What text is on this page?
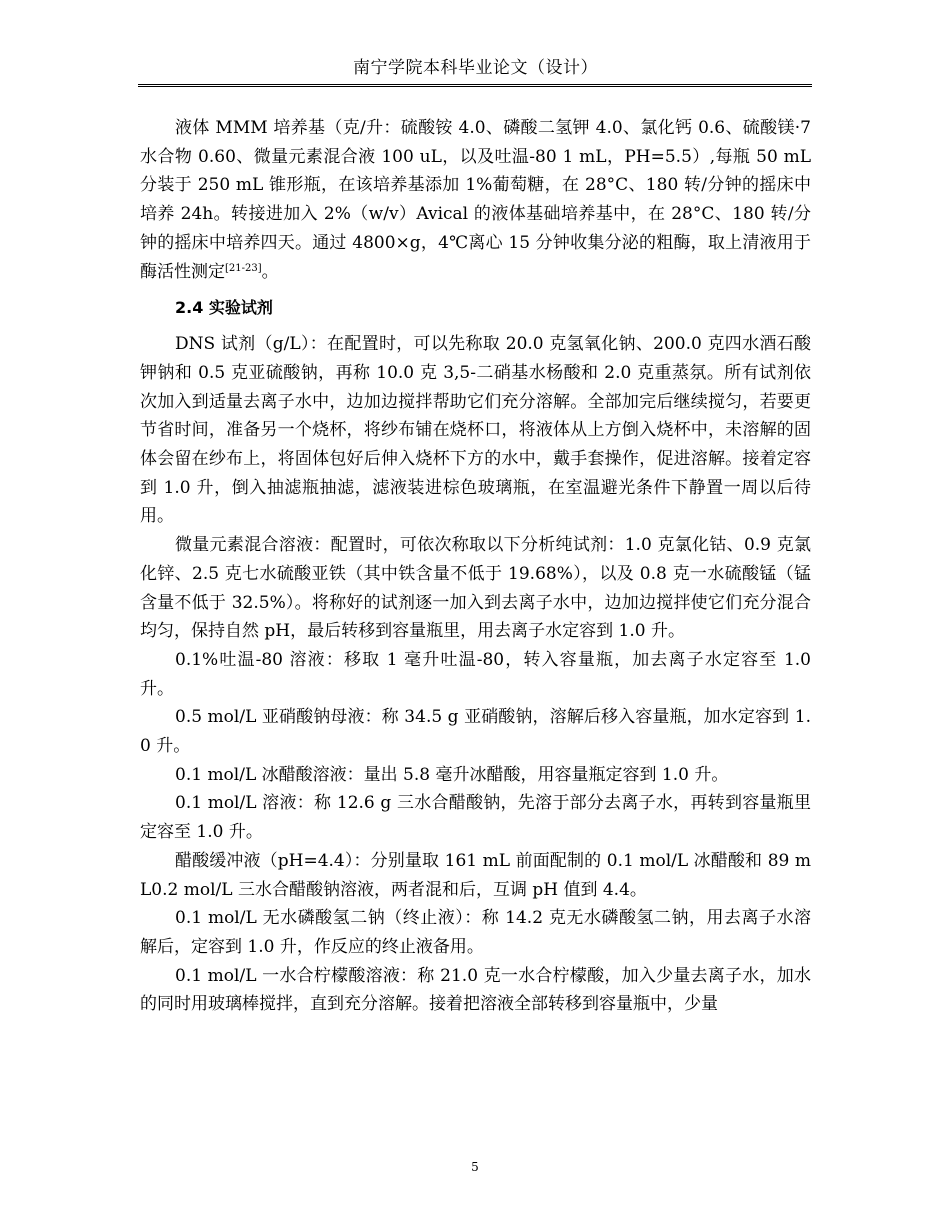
南宁学院本科毕业论文（设计）

液体 MMM 培养基（克/升：硫酸铵 4.0、磷酸二氢钾 4.0、氯化钙 0.6、硫酸镁·7水合物 0.60、微量元素混合液 100 uL，以及吐温-80 1 mL，PH=5.5）,每瓶 50 mL 分装于 250 mL 锥形瓶，在该培养基添加 1%葡萄糖，在 28°C、180 转/分钟的摇床中培养 24h。转接进加入 2%（w/v）Avical 的液体基础培养基中，在 28°C、180 转/分钟的摇床中培养四天。通过 4800×g，4℃离心 15 分钟收集分泌的粗酶，取上清液用于酶活性测定[21-23]。

2.4 实验试剂

DNS 试剂（g/L）：在配置时，可以先称取 20.0 克氢氧化钠、200.0 克四水酒石酸钾钠和 0.5 克亚硫酸钠，再称 10.0 克 3,5-二硝基水杨酸和 2.0 克重蒸氛。所有试剂依次加入到适量去离子水中，边加边搅拌帮助它们充分溶解。全部加完后继续搅匀，若要更节省时间，准备另一个烧杯，将纱布铺在烧杯口，将液体从上方倒入烧杯中，未溶解的固体会留在纱布上，将固体包好后伸入烧杯下方的水中，戴手套操作，促进溶解。接着定容到 1.0 升，倒入抽滤瓶抽滤，滤液装进棕色玻璃瓶，在室温避光条件下静置一周以后待用。

微量元素混合溶液：配置时，可依次称取以下分析纯试剂：1.0 克氯化钴、0.9 克氯化锌、2.5 克七水硫酸亚铁（其中铁含量不低于 19.68%），以及 0.8 克一水硫酸锰（锰含量不低于 32.5%）。将称好的试剂逐一加入到去离子水中，边加边搅拌使它们充分混合均匀，保持自然 pH，最后转移到容量瓶里，用去离子水定容到 1.0 升。

0.1%吐温-80 溶液：移取 1 毫升吐温-80，转入容量瓶，加去离子水定容至 1.0 升。

0.5 mol/L 亚硝酸钠母液：称 34.5 g 亚硝酸钠，溶解后移入容量瓶，加水定容到 1.0 升。

0.1 mol/L 冰醋酸溶液：量出 5.8 毫升冰醋酸，用容量瓶定容到 1.0 升。

0.1 mol/L 溶液：称 12.6 g 三水合醋酸钠，先溶于部分去离子水，再转到容量瓶里定容至 1.0 升。

醋酸缓冲液（pH=4.4）：分别量取 161 mL 前面配制的 0.1 mol/L 冰醋酸和 89 mL0.2 mol/L 三水合醋酸钠溶液，两者混和后，互调 pH 值到 4.4。

0.1 mol/L 无水磷酸氢二钠（终止液）：称 14.2 克无水磷酸氢二钠，用去离子水溶解后，定容到 1.0 升，作反应的终止液备用。

0.1 mol/L 一水合柠檬酸溶液：称 21.0 克一水合柠檬酸，加入少量去离子水，加水的同时用玻璃棒搅拌，直到充分溶解。接着把溶液全部转移到容量瓶中，少量

5
